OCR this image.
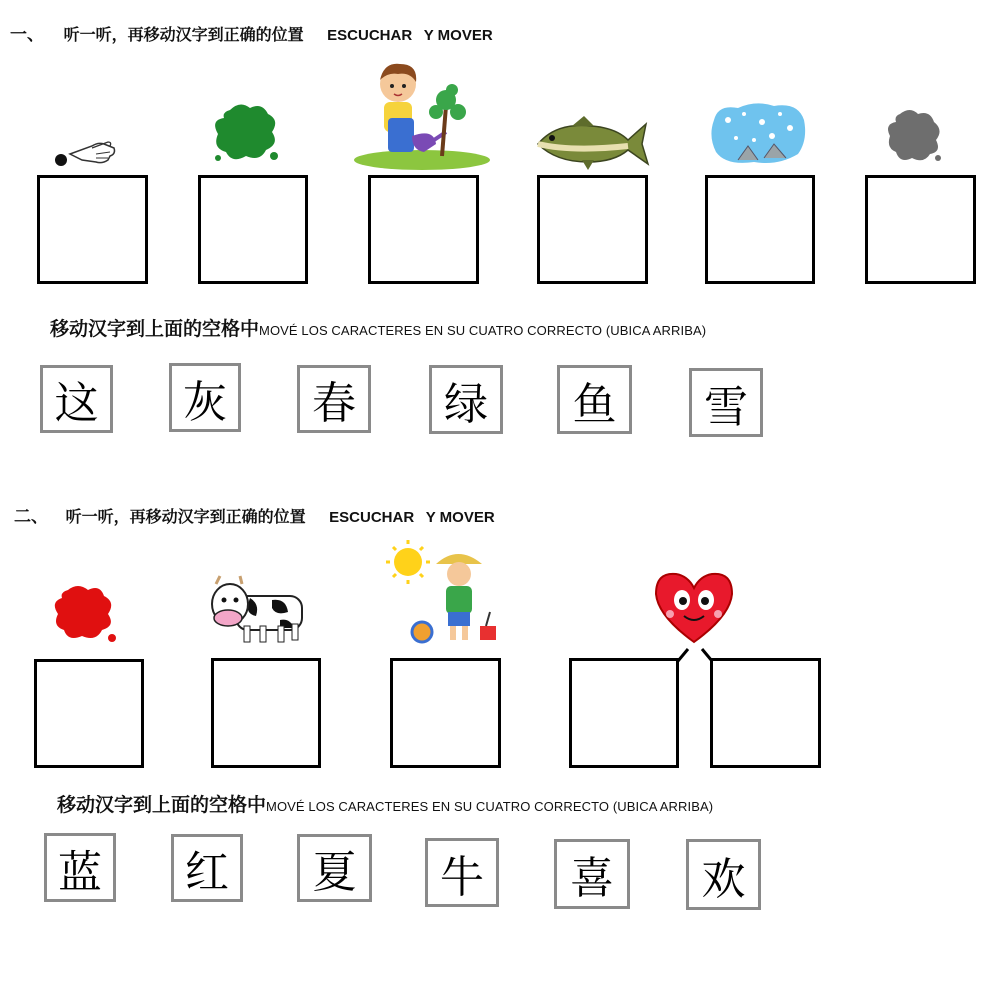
一、 听一听，再移动汉字到正确的位置 ESCUCHAR Y MOVER
移动汉字到上面的空格中MOVÉ LOS CARACTERES EN SU CUATRO CORRECTO (UBICA ARRIBA)
这	灰	春	绿	鱼	雪
二、 听一听，再移动汉字到正确的位置 ESCUCHAR Y MOVER
移动汉字到上面的空格中MOVÉ LOS CARACTERES EN SU CUATRO CORRECTO (UBICA ARRIBA)
蓝	红	夏	牛	喜	欢
